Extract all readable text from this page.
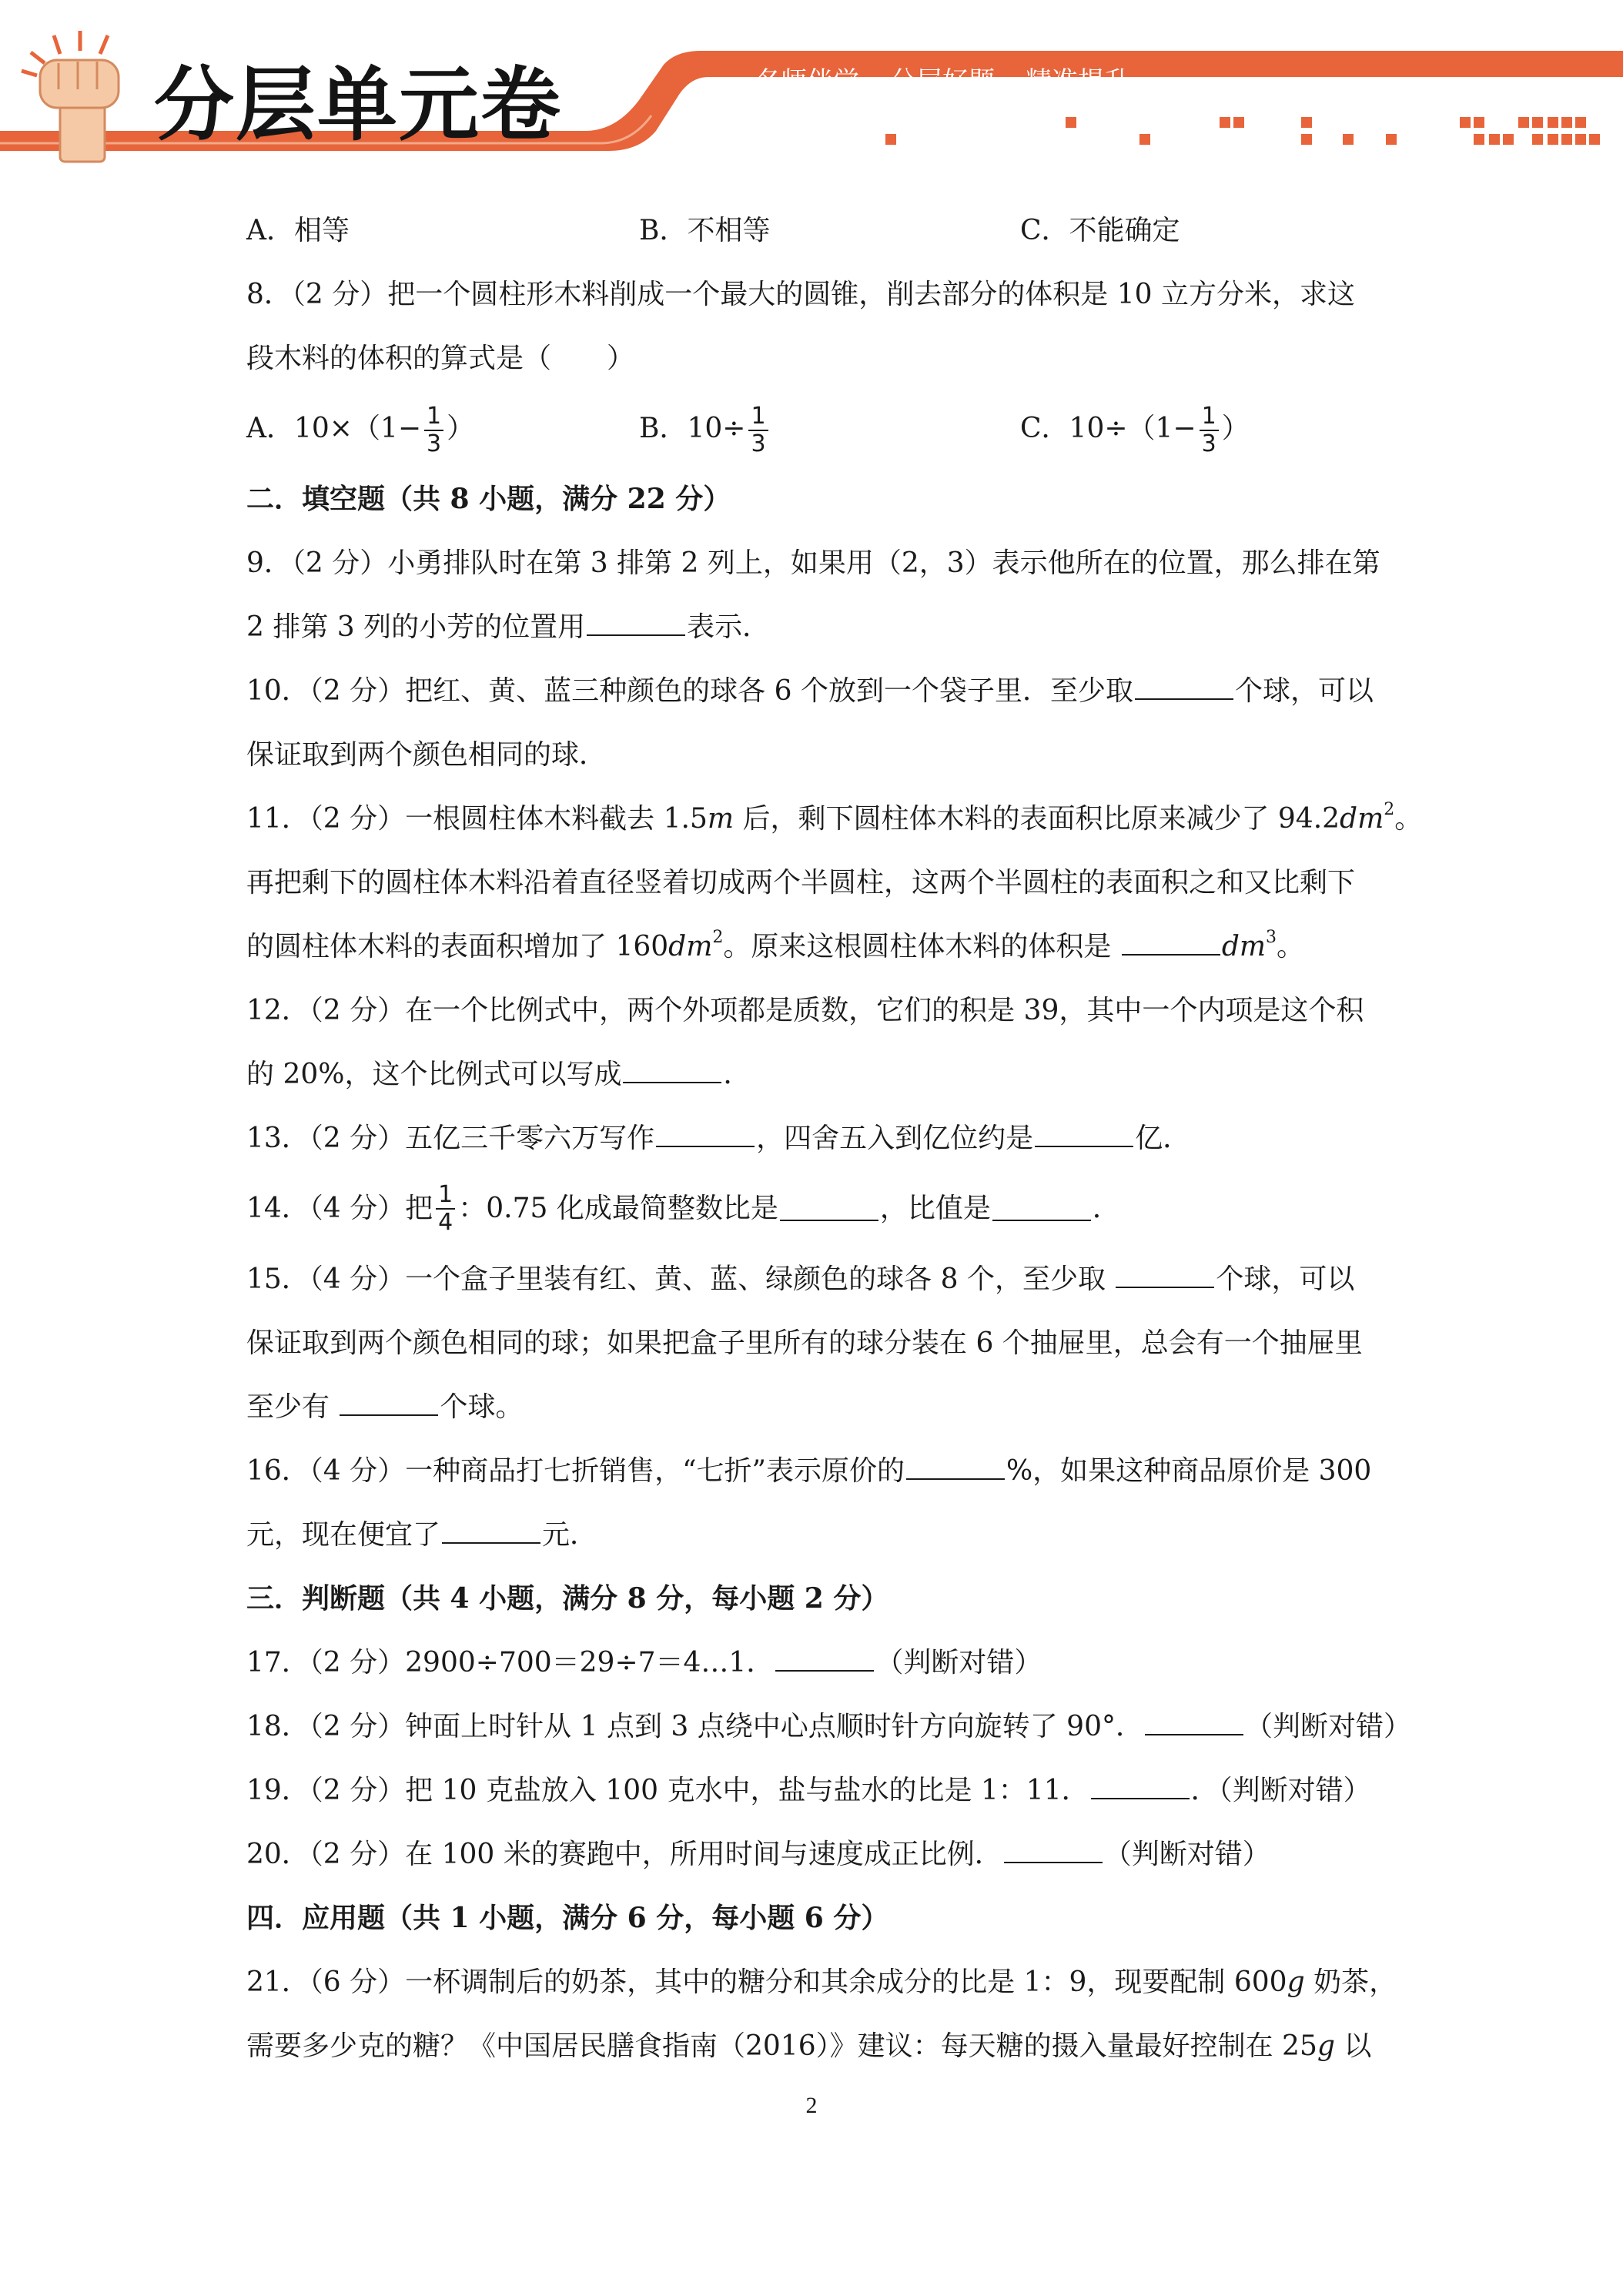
分层单元卷	名师伴学 分层好题 精准提升
A．相等	B．不相等	C．不能确定
8．（2 分）把一个圆柱形木料削成一个最大的圆锥，削去部分的体积是 10 立方分米，求这
段木料的体积的算式是（　　）
A．$10\times(1- \frac{1}{3}$ ）	B．$10\div \frac{1}{3}$	C．$10\div(1- \frac{1}{3}$ ）
二．填空题（共 8 小题，满分 22 分）
9．（2 分）小勇排队时在第 3 排第 2 列上，如果用（2，3）表示他所在的位置，那么排在第
2 排第 3 列的小芳的位置用	表示．
10．（2 分）把红、黄、蓝三种颜色的球各 6 个放到一个袋子里．至少取	个球，可以
保证取到两个颜色相同的球．
11．（2 分）一根圆柱体木料截去 1.5m 后，剩下圆柱体木料的表面积比原来减少了 $94.2dm^2$。
再把剩下的圆柱体木料沿着直径竖着切成两个半圆柱，这两个半圆柱的表面积之和又比剩下
的圆柱体木料的表面积增加了 $160dm^2$。原来这根圆柱体木料的体积是	$dm^3$。
12．（2 分）在一个比例式中，两个外项都是质数，它们的积是 39，其中一个内项是这个积
的 20%，这个比例式可以写成	．
13．（2 分）五亿三千零六万写作	，四舍五入到亿位约是	亿．
14．（4 分）把 $\frac{1}{4}$ ：0.75 化成最简整数比是	，比值是	．
15．（4 分）一个盒子里装有红、黄、蓝、绿颜色的球各 8 个，至少取	个球，可以
保证取到两个颜色相同的球；如果把盒子里所有的球分装在 6 个抽屉里，总会有一个抽屉里
至少有	个球。
16．（4 分）一种商品打七折销售，“七折”表示原价的	%，如果这种商品原价是 300
元，现在便宜了	元．
三．判断题（共 4 小题，满分 8 分，每小题 2 分）
17．（2 分）2900÷700＝29÷7＝4…1．	（判断对错）
18．（2 分）钟面上时针从 1 点到 3 点绕中心点顺时针方向旋转了 90°．	（判断对错）
19．（2 分）把 10 克盐放入 100 克水中，盐与盐水的比是 1：11．	．（判断对错）
20．（2 分）在 100 米的赛跑中，所用时间与速度成正比例．	（判断对错）
四．应用题（共 1 小题，满分 6 分，每小题 6 分）
21．（6 分）一杯调制后的奶茶，其中的糖分和其余成分的比是 1：9，现要配制 600g 奶茶，
需要多少克的糖？《中国居民膳食指南（2016）》建议：每天糖的摄入量最好控制在 25g 以
2
